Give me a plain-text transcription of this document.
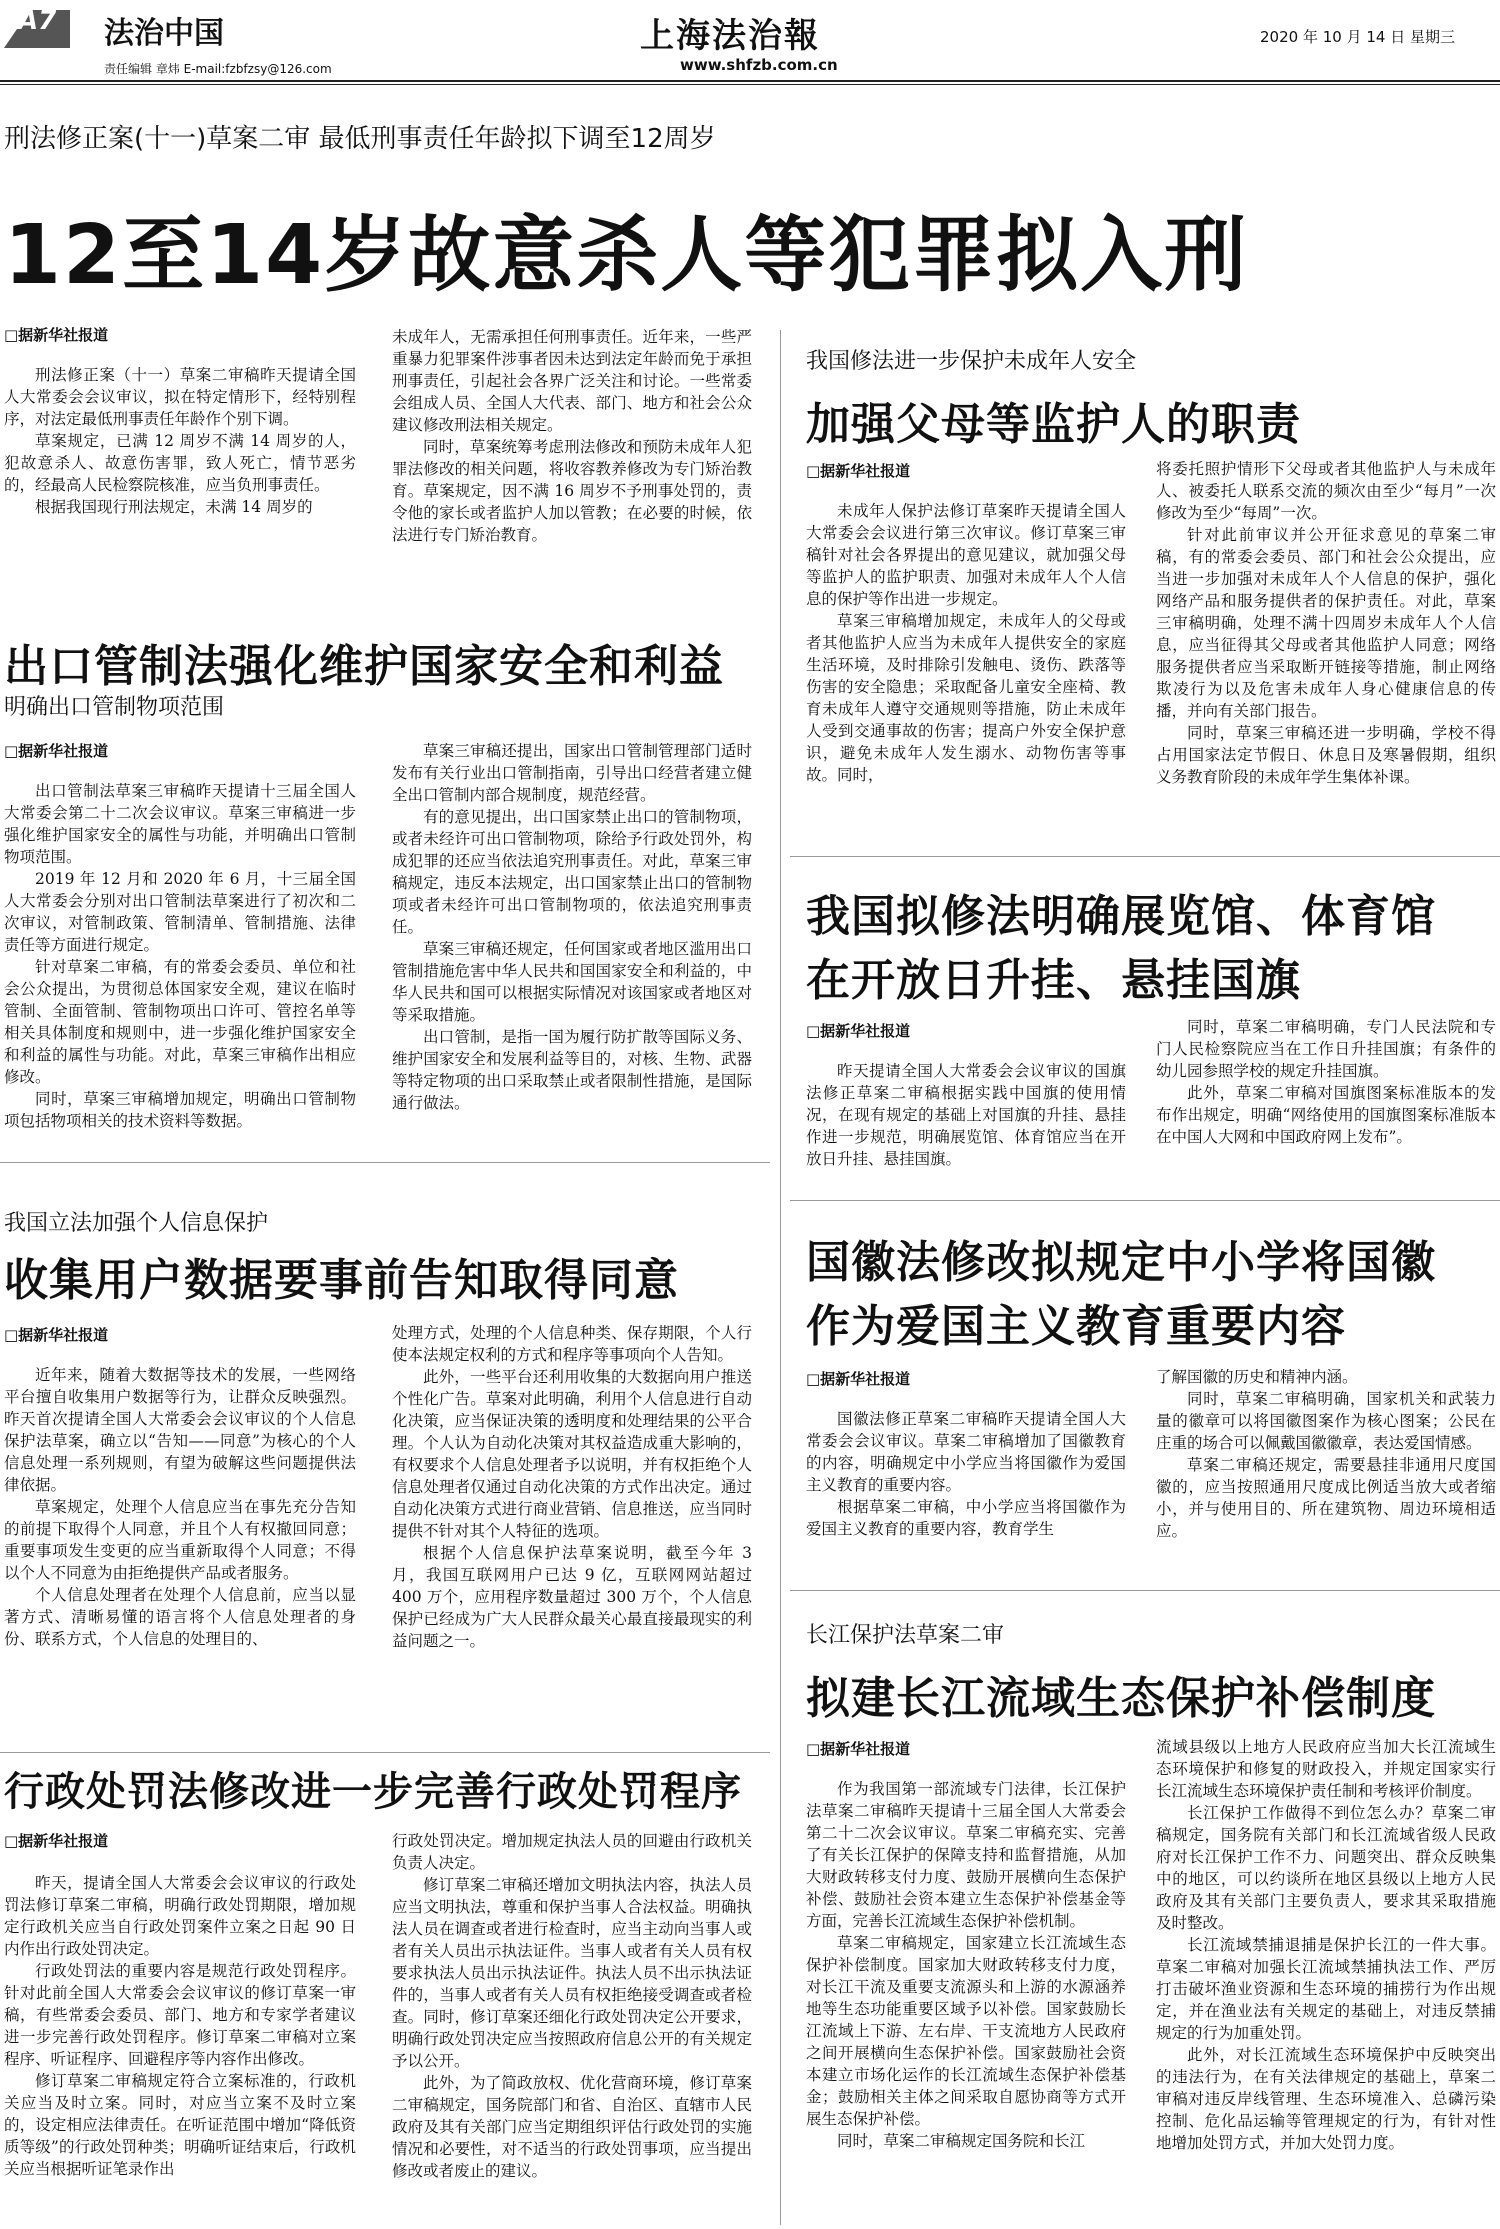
A7 法治中国
责任编辑 章炜 E-mail:fzbfzsy@126.com
上海法治報
www.shfzb.com.cn
2020 年 10 月 14 日 星期三
刑法修正案(十一)草案二审 最低刑事责任年龄拟下调至12周岁
12至14岁故意杀人等犯罪拟入刑
□据新华社报道

刑法修正案（十一）草案二审稿昨天提请全国人大常委会会议审议，拟在特定情形下，经特别程序，对法定最低刑事责任年龄作个别下调。

草案规定，已满 12 周岁不满 14 周岁的人，犯故意杀人、故意伤害罪，致人死亡，情节恶劣的，经最高人民检察院核准，应当负刑事责任。

根据我国现行刑法规定，未满 14 周岁的

未成年人，无需承担任何刑事责任。近年来，一些严重暴力犯罪案件涉事者因未达到法定年龄而免于承担刑事责任，引起社会各界广泛关注和讨论。一些常委会组成人员、全国人大代表、部门、地方和社会公众建议修改刑法相关规定。

同时，草案统筹考虑刑法修改和预防未成年人犯罪法修改的相关问题，将收容教养修改为专门矫治教育。草案规定，因不满 16 周岁不予刑事处罚的，责令他的家长或者监护人加以管教；在必要的时候，依法进行专门矫治教育。

出口管制法强化维护国家安全和利益
明确出口管制物项范围
□据新华社报道

出口管制法草案三审稿昨天提请十三届全国人大常委会第二十二次会议审议。草案三审稿进一步强化维护国家安全的属性与功能，并明确出口管制物项范围。

2019 年 12 月和 2020 年 6 月，十三届全国人大常委会分别对出口管制法草案进行了初次和二次审议，对管制政策、管制清单、管制措施、法律责任等方面进行规定。

针对草案二审稿，有的常委会委员、单位和社会公众提出，为贯彻总体国家安全观，建议在临时管制、全面管制、管制物项出口许可、管控名单等相关具体制度和规则中，进一步强化维护国家安全和利益的属性与功能。对此，草案三审稿作出相应修改。

同时，草案三审稿增加规定，明确出口管制物项包括物项相关的技术资料等数据。

草案三审稿还提出，国家出口管制管理部门适时发布有关行业出口管制指南，引导出口经营者建立健全出口管制内部合规制度，规范经营。

有的意见提出，出口国家禁止出口的管制物项，或者未经许可出口管制物项，除给予行政处罚外，构成犯罪的还应当依法追究刑事责任。对此，草案三审稿规定，违反本法规定，出口国家禁止出口的管制物项或者未经许可出口管制物项的，依法追究刑事责任。

草案三审稿还规定，任何国家或者地区滥用出口管制措施危害中华人民共和国国家安全和利益的，中华人民共和国可以根据实际情况对该国家或者地区对等采取措施。

出口管制，是指一国为履行防扩散等国际义务、维护国家安全和发展利益等目的，对核、生物、武器等特定物项的出口采取禁止或者限制性措施，是国际通行做法。

我国立法加强个人信息保护
收集用户数据要事前告知取得同意
□据新华社报道

近年来，随着大数据等技术的发展，一些网络平台擅自收集用户数据等行为，让群众反映强烈。昨天首次提请全国人大常委会会议审议的个人信息保护法草案，确立以“告知——同意”为核心的个人信息处理一系列规则，有望为破解这些问题提供法律依据。

草案规定，处理个人信息应当在事先充分告知的前提下取得个人同意，并且个人有权撤回同意；重要事项发生变更的应当重新取得个人同意；不得以个人不同意为由拒绝提供产品或者服务。

个人信息处理者在处理个人信息前，应当以显著方式、清晰易懂的语言将个人信息处理者的身份、联系方式，个人信息的处理目的、

处理方式，处理的个人信息种类、保存期限，个人行使本法规定权利的方式和程序等事项向个人告知。

此外，一些平台还利用收集的大数据向用户推送个性化广告。草案对此明确，利用个人信息进行自动化决策，应当保证决策的透明度和处理结果的公平合理。个人认为自动化决策对其权益造成重大影响的，有权要求个人信息处理者予以说明，并有权拒绝个人信息处理者仅通过自动化决策的方式作出决定。通过自动化决策方式进行商业营销、信息推送，应当同时提供不针对其个人特征的选项。

根据个人信息保护法草案说明，截至今年 3 月，我国互联网用户已达 9 亿，互联网网站超过 400 万个，应用程序数量超过 300 万个，个人信息保护已经成为广大人民群众最关心最直接最现实的利益问题之一。

行政处罚法修改进一步完善行政处罚程序
□据新华社报道

昨天，提请全国人大常委会会议审议的行政处罚法修订草案二审稿，明确行政处罚期限，增加规定行政机关应当自行政处罚案件立案之日起 90 日内作出行政处罚决定。

行政处罚法的重要内容是规范行政处罚程序。针对此前全国人大常委会会议审议的修订草案一审稿，有些常委会委员、部门、地方和专家学者建议进一步完善行政处罚程序。修订草案二审稿对立案程序、听证程序、回避程序等内容作出修改。

修订草案二审稿规定符合立案标准的，行政机关应当及时立案。同时，对应当立案不及时立案的，设定相应法律责任。在听证范围中增加“降低资质等级”的行政处罚种类；明确听证结束后，行政机关应当根据听证笔录作出

行政处罚决定。增加规定执法人员的回避由行政机关负责人决定。

修订草案二审稿还增加文明执法内容，执法人员应当文明执法，尊重和保护当事人合法权益。明确执法人员在调查或者进行检查时，应当主动向当事人或者有关人员出示执法证件。当事人或者有关人员有权要求执法人员出示执法证件。执法人员不出示执法证件的，当事人或者有关人员有权拒绝接受调查或者检查。同时，修订草案还细化行政处罚决定公开要求，明确行政处罚决定应当按照政府信息公开的有关规定予以公开。

此外，为了简政放权、优化营商环境，修订草案二审稿规定，国务院部门和省、自治区、直辖市人民政府及其有关部门应当定期组织评估行政处罚的实施情况和必要性，对不适当的行政处罚事项，应当提出修改或者废止的建议。

我国修法进一步保护未成年人安全
加强父母等监护人的职责
□据新华社报道

未成年人保护法修订草案昨天提请全国人大常委会会议进行第三次审议。修订草案三审稿针对社会各界提出的意见建议，就加强父母等监护人的监护职责、加强对未成年人个人信息的保护等作出进一步规定。

草案三审稿增加规定，未成年人的父母或者其他监护人应当为未成年人提供安全的家庭生活环境，及时排除引发触电、烫伤、跌落等伤害的安全隐患；采取配备儿童安全座椅、教育未成年人遵守交通规则等措施，防止未成年人受到交通事故的伤害；提高户外安全保护意识，避免未成年人发生溺水、动物伤害等事故。同时，

将委托照护情形下父母或者其他监护人与未成年人、被委托人联系交流的频次由至少“每月”一次修改为至少“每周”一次。

针对此前审议并公开征求意见的草案二审稿，有的常委会委员、部门和社会公众提出，应当进一步加强对未成年人个人信息的保护，强化网络产品和服务提供者的保护责任。对此，草案三审稿明确，处理不满十四周岁未成年人个人信息，应当征得其父母或者其他监护人同意；网络服务提供者应当采取断开链接等措施，制止网络欺凌行为以及危害未成年人身心健康信息的传播，并向有关部门报告。

同时，草案三审稿还进一步明确，学校不得占用国家法定节假日、休息日及寒暑假期，组织义务教育阶段的未成年学生集体补课。

我国拟修法明确展览馆、体育馆
在开放日升挂、悬挂国旗
□据新华社报道

昨天提请全国人大常委会会议审议的国旗法修正草案二审稿根据实践中国旗的使用情况，在现有规定的基础上对国旗的升挂、悬挂作进一步规范，明确展览馆、体育馆应当在开放日升挂、悬挂国旗。

同时，草案二审稿明确，专门人民法院和专门人民检察院应当在工作日升挂国旗；有条件的幼儿园参照学校的规定升挂国旗。

此外，草案二审稿对国旗图案标准版本的发布作出规定，明确“网络使用的国旗图案标准版本在中国人大网和中国政府网上发布”。

国徽法修改拟规定中小学将国徽
作为爱国主义教育重要内容
□据新华社报道

国徽法修正草案二审稿昨天提请全国人大常委会会议审议。草案二审稿增加了国徽教育的内容，明确规定中小学应当将国徽作为爱国主义教育的重要内容。

根据草案二审稿，中小学应当将国徽作为爱国主义教育的重要内容，教育学生

了解国徽的历史和精神内涵。

同时，草案二审稿明确，国家机关和武装力量的徽章可以将国徽图案作为核心图案；公民在庄重的场合可以佩戴国徽徽章，表达爱国情感。

草案二审稿还规定，需要悬挂非通用尺度国徽的，应当按照通用尺度成比例适当放大或者缩小，并与使用目的、所在建筑物、周边环境相适应。

长江保护法草案二审
拟建长江流域生态保护补偿制度
□据新华社报道

作为我国第一部流域专门法律，长江保护法草案二审稿昨天提请十三届全国人大常委会第二十二次会议审议。草案二审稿充实、完善了有关长江保护的保障支持和监督措施，从加大财政转移支付力度、鼓励开展横向生态保护补偿、鼓励社会资本建立生态保护补偿基金等方面，完善长江流域生态保护补偿机制。

草案二审稿规定，国家建立长江流域生态保护补偿制度。国家加大财政转移支付力度，对长江干流及重要支流源头和上游的水源涵养地等生态功能重要区域予以补偿。国家鼓励长江流域上下游、左右岸、干支流地方人民政府之间开展横向生态保护补偿。国家鼓励社会资本建立市场化运作的长江流域生态保护补偿基金；鼓励相关主体之间采取自愿协商等方式开展生态保护补偿。

同时，草案二审稿规定国务院和长江

流域县级以上地方人民政府应当加大长江流域生态环境保护和修复的财政投入，并规定国家实行长江流域生态环境保护责任制和考核评价制度。

长江保护工作做得不到位怎么办？草案二审稿规定，国务院有关部门和长江流域省级人民政府对长江保护工作不力、问题突出、群众反映集中的地区，可以约谈所在地区县级以上地方人民政府及其有关部门主要负责人，要求其采取措施及时整改。

长江流域禁捕退捕是保护长江的一件大事。草案二审稿对加强长江流域禁捕执法工作、严厉打击破坏渔业资源和生态环境的捕捞行为作出规定，并在渔业法有关规定的基础上，对违反禁捕规定的行为加重处罚。

此外，对长江流域生态环境保护中反映突出的违法行为，在有关法律规定的基础上，草案二审稿对违反岸线管理、生态环境准入、总磷污染控制、危化品运输等管理规定的行为，有针对性地增加处罚方式，并加大处罚力度。
